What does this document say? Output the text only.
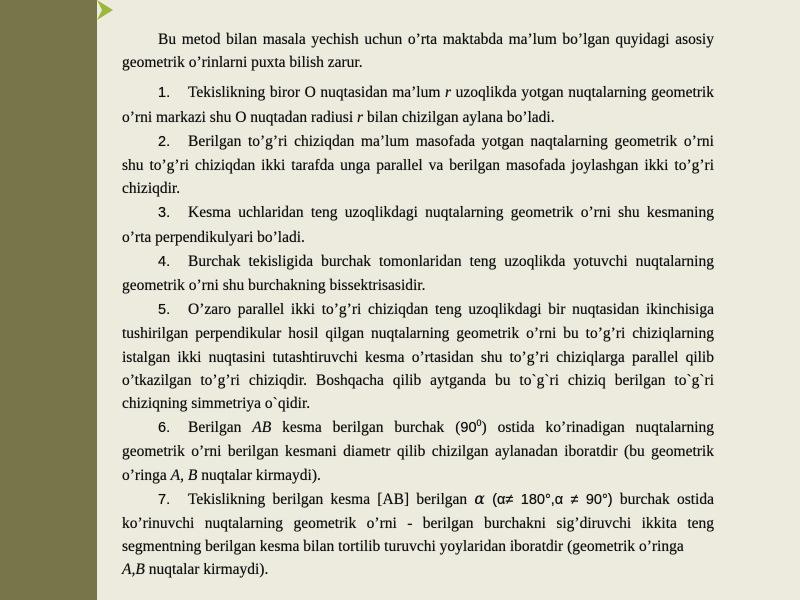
Bu metod bilan masala yechish uchun o’rta maktabda ma’lum bo’lgan quyidagi asosiy geometrik o’rinlarni puxta bilish zarur.

1. Tekislikning biror O nuqtasidan ma’lum r uzoqlikda yotgan nuqtalarning geometrik o’rni markazi shu O nuqtadan radiusi r bilan chizilgan aylana bo’ladi.

2. Berilgan to’g’ri chiziqdan ma’lum masofada yotgan naqtalarning geometrik o’rni shu to’g’ri chiziqdan ikki tarafda unga parallel va berilgan masofada joylashgan ikki to’g’ri chiziqdir.

3. Kesma uchlaridan teng uzoqlikdagi nuqtalarning geometrik o’rni shu kesmaning o’rta perpendikulyari bo’ladi.

4. Burchak tekisligida burchak tomonlaridan teng uzoqlikda yotuvchi nuqtalarning geometrik o’rni shu burchakning bissektrisasidir.

5. O’zaro parallel ikki to’g’ri chiziqdan teng uzoqlikdagi bir nuqtasidan ikinchisiga tushirilgan perpendikular hosil qilgan nuqtalarning geometrik o’rni bu to’g’ri chiziqlarning istalgan ikki nuqtasini tutashtiruvchi kesma o’rtasidan shu to’g’ri chiziqlarga parallel qilib o’tkazilgan to’g’ri chiziqdir. Boshqacha qilib aytganda bu to`g`ri chiziq berilgan to`g`ri chiziqning simmetriya o`qidir.

6. Berilgan AB kesma berilgan burchak $(90^0)$ ostida ko’rinadigan nuqtalarning geometrik o’rni berilgan kesmani diametr qilib chizilgan aylanadan iboratdir (bu geometrik o’ringa A, B nuqtalar kirmaydi).

7. Tekislikning berilgan kesma [AB] berilgan α (α≠ 180°,α ≠ 90°) burchak ostida ko’rinuvchi nuqtalarning geometrik o’rni - berilgan burchakni sig’diruvchi ikkita teng segmentning berilgan kesma bilan tortilib turuvchi yoylaridan iboratdir (geometrik o’ringa
A,B nuqtalar kirmaydi).
